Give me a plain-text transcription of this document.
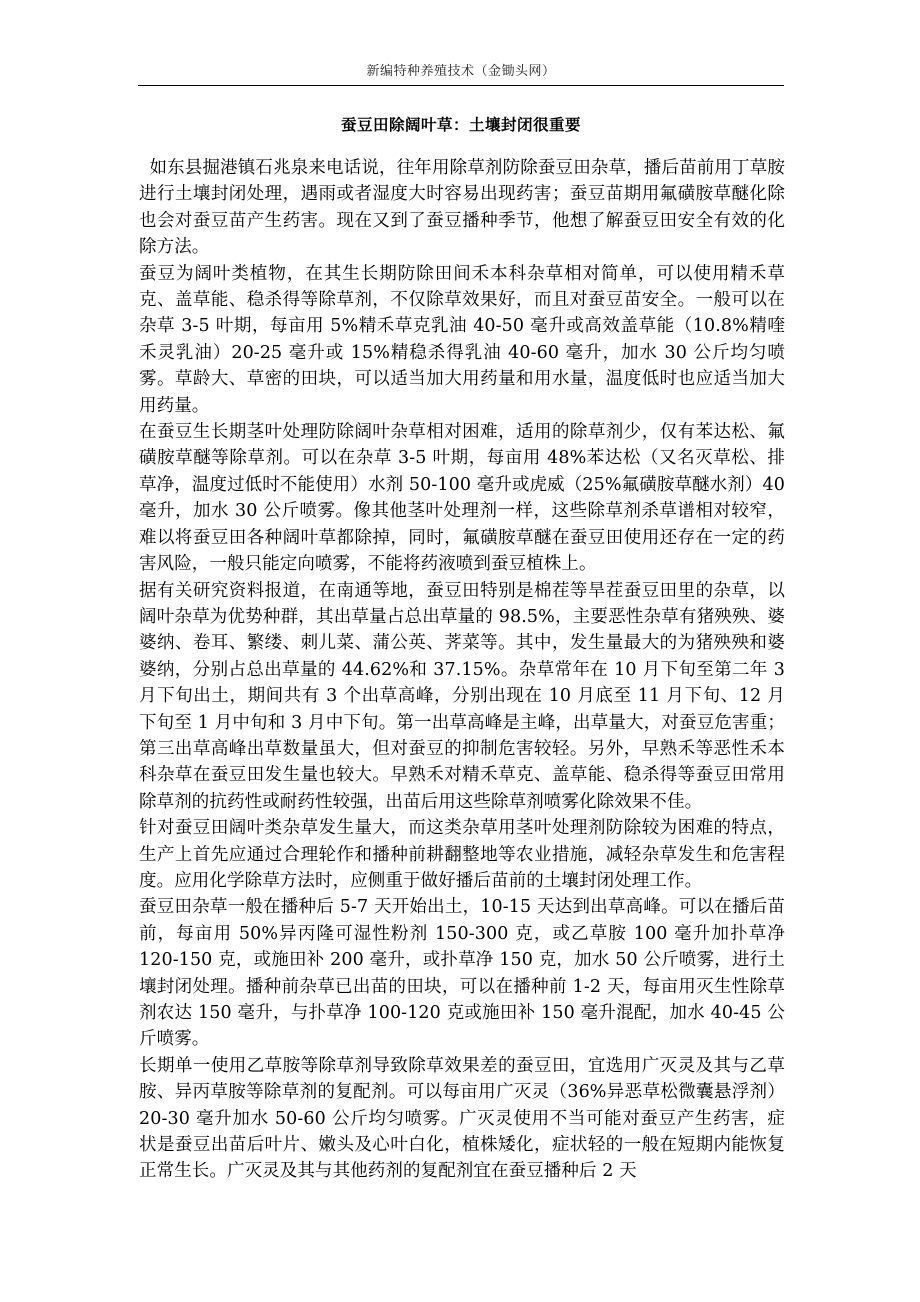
新编特种养殖技术（金锄头网）
蚕豆田除阔叶草：土壤封闭很重要

如东县掘港镇石兆泉来电话说，往年用除草剂防除蚕豆田杂草，播后苗前用丁草胺进行土壤封闭处理，遇雨或者湿度大时容易出现药害；蚕豆苗期用氟磺胺草醚化除也会对蚕豆苗产生药害。现在又到了蚕豆播种季节，他想了解蚕豆田安全有效的化除方法。

蚕豆为阔叶类植物，在其生长期防除田间禾本科杂草相对简单，可以使用精禾草克、盖草能、稳杀得等除草剂，不仅除草效果好，而且对蚕豆苗安全。一般可以在杂草 3-5 叶期，每亩用 5%精禾草克乳油 40-50 毫升或高效盖草能（10.8%精喹禾灵乳油）20-25 毫升或 15%精稳杀得乳油 40-60 毫升，加水 30 公斤均匀喷雾。草龄大、草密的田块，可以适当加大用药量和用水量，温度低时也应适当加大用药量。

在蚕豆生长期茎叶处理防除阔叶杂草相对困难，适用的除草剂少，仅有苯达松、氟磺胺草醚等除草剂。可以在杂草 3-5 叶期，每亩用 48%苯达松（又名灭草松、排草净，温度过低时不能使用）水剂 50-100 毫升或虎威（25%氟磺胺草醚水剂）40 毫升，加水 30 公斤喷雾。像其他茎叶处理剂一样，这些除草剂杀草谱相对较窄，难以将蚕豆田各种阔叶草都除掉，同时，氟磺胺草醚在蚕豆田使用还存在一定的药害风险，一般只能定向喷雾，不能将药液喷到蚕豆植株上。

据有关研究资料报道，在南通等地，蚕豆田特别是棉茬等旱茬蚕豆田里的杂草，以阔叶杂草为优势种群，其出草量占总出草量的 98.5%，主要恶性杂草有猪殃殃、婆婆纳、卷耳、繁缕、刺儿菜、蒲公英、荠菜等。其中，发生量最大的为猪殃殃和婆婆纳，分别占总出草量的 44.62%和 37.15%。杂草常年在 10 月下旬至第二年 3 月下旬出土，期间共有 3 个出草高峰，分别出现在 10 月底至 11 月下旬、12 月下旬至 1 月中旬和 3 月中下旬。第一出草高峰是主峰，出草量大，对蚕豆危害重；第三出草高峰出草数量虽大，但对蚕豆的抑制危害较轻。另外，早熟禾等恶性禾本科杂草在蚕豆田发生量也较大。早熟禾对精禾草克、盖草能、稳杀得等蚕豆田常用除草剂的抗药性或耐药性较强，出苗后用这些除草剂喷雾化除效果不佳。

针对蚕豆田阔叶类杂草发生量大，而这类杂草用茎叶处理剂防除较为困难的特点，生产上首先应通过合理轮作和播种前耕翻整地等农业措施，减轻杂草发生和危害程度。应用化学除草方法时，应侧重于做好播后苗前的土壤封闭处理工作。

蚕豆田杂草一般在播种后 5-7 天开始出土，10-15 天达到出草高峰。可以在播后苗前，每亩用 50%异丙隆可湿性粉剂 150-300 克，或乙草胺 100 毫升加扑草净 120-150 克，或施田补 200 毫升，或扑草净 150 克，加水 50 公斤喷雾，进行土壤封闭处理。播种前杂草已出苗的田块，可以在播种前 1-2 天，每亩用灭生性除草剂农达 150 毫升，与扑草净 100-120 克或施田补 150 毫升混配，加水 40-45 公斤喷雾。

长期单一使用乙草胺等除草剂导致除草效果差的蚕豆田，宜选用广灭灵及其与乙草胺、异丙草胺等除草剂的复配剂。可以每亩用广灭灵（36%异恶草松微囊悬浮剂）20-30 毫升加水 50-60 公斤均匀喷雾。广灭灵使用不当可能对蚕豆产生药害，症状是蚕豆出苗后叶片、嫩头及心叶白化，植株矮化，症状轻的一般在短期内能恢复正常生长。广灭灵及其与其他药剂的复配剂宜在蚕豆播种后 2 天
